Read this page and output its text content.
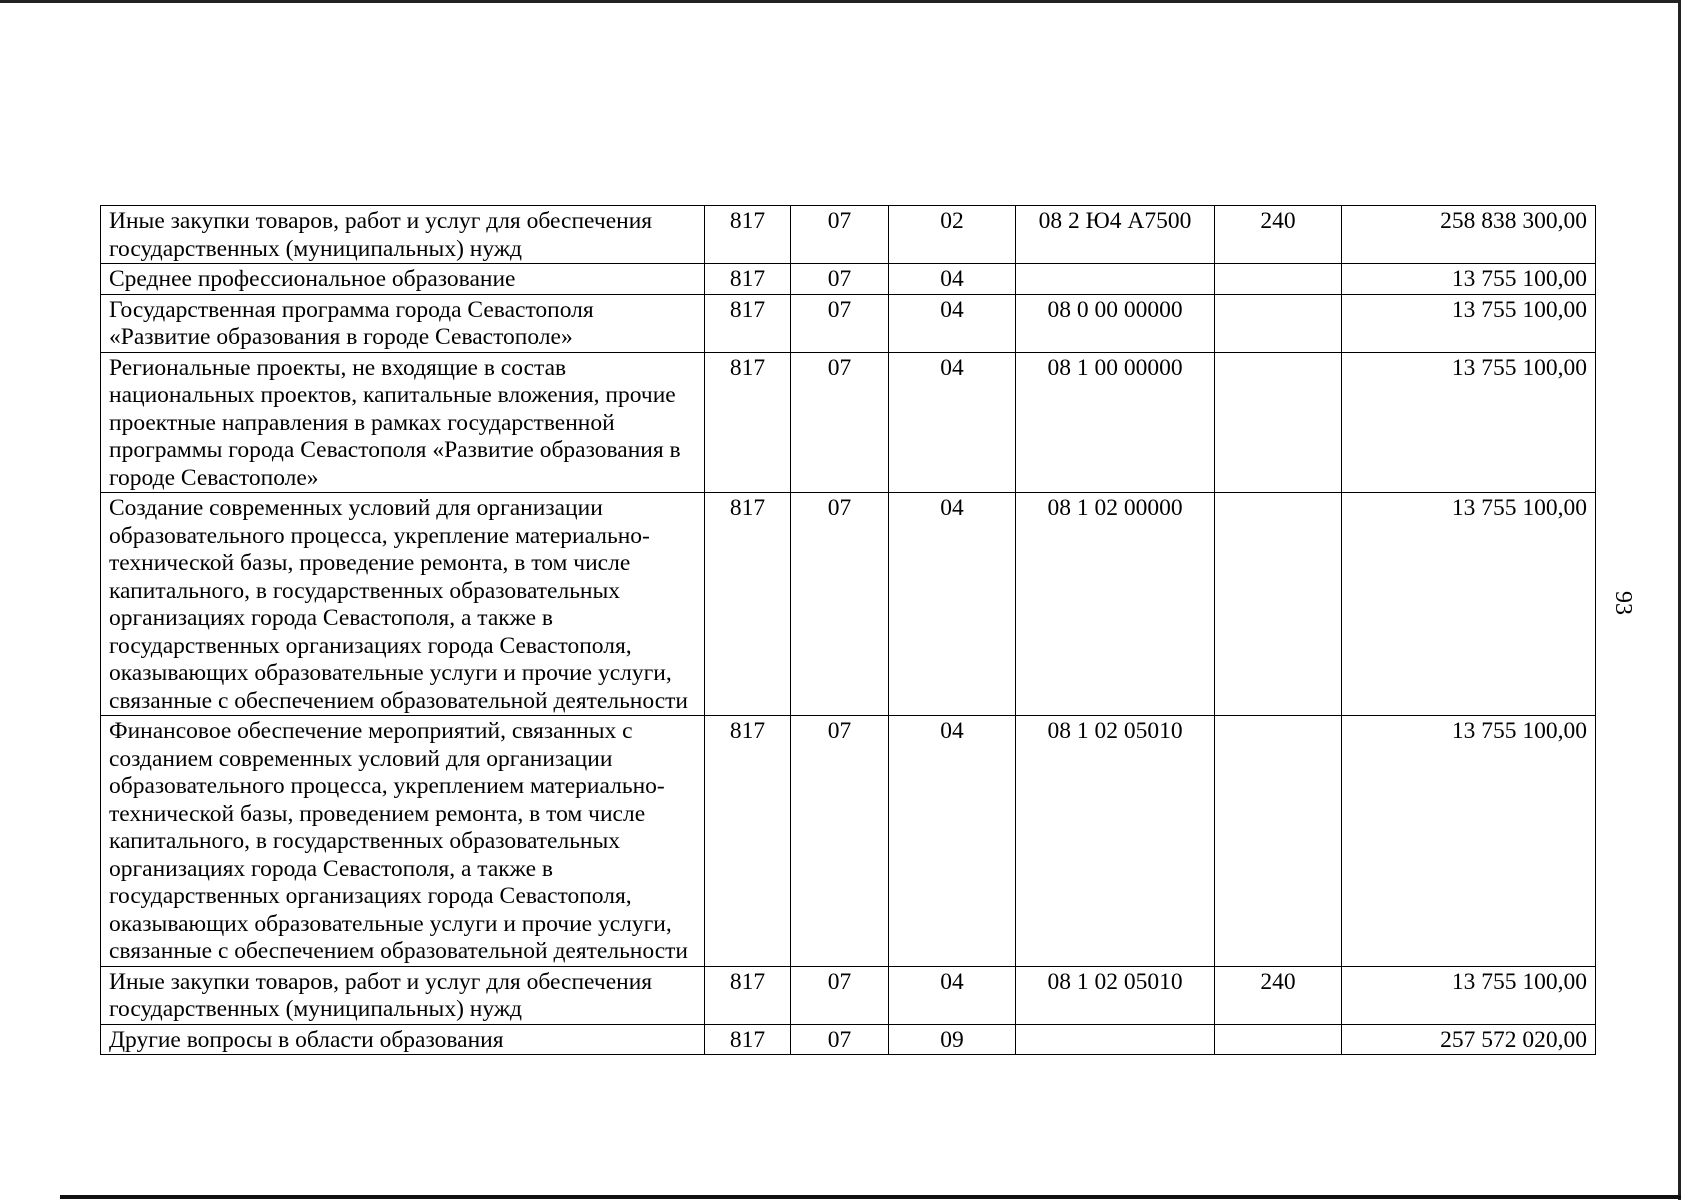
Иные закупки товаров, работ и услуг для обеспечения государственных (муниципальных) нужд	817	07	02	08 2 Ю4 А7500	240	258 838 300,00
Среднее профессиональное образование	817	07	04			13 755 100,00
Государственная программа города Севастополя «Развитие образования в городе Севастополе»	817	07	04	08 0 00 00000		13 755 100,00
Региональные проекты, не входящие в состав национальных проектов, капитальные вложения, прочие проектные направления в рамках государственной программы города Севастополя «Развитие образования в городе Севастополе»	817	07	04	08 1 00 00000		13 755 100,00
Создание современных условий для организации образовательного процесса, укрепление материально-технической базы, проведение ремонта, в том числе капитального, в государственных образовательных организациях города Севастополя, а также в государственных организациях города Севастополя, оказывающих образовательные услуги и прочие услуги, связанные с обеспечением образовательной деятельности	817	07	04	08 1 02 00000		13 755 100,00
Финансовое обеспечение мероприятий, связанных с созданием современных условий для организации образовательного процесса, укреплением материально-технической базы, проведением ремонта, в том числе капитального, в государственных образовательных организациях города Севастополя, а также в государственных организациях города Севастополя, оказывающих образовательные услуги и прочие услуги, связанные с обеспечением образовательной деятельности	817	07	04	08 1 02 05010		13 755 100,00
Иные закупки товаров, работ и услуг для обеспечения государственных (муниципальных) нужд	817	07	04	08 1 02 05010	240	13 755 100,00
Другие вопросы в области образования	817	07	09			257 572 020,00
93
